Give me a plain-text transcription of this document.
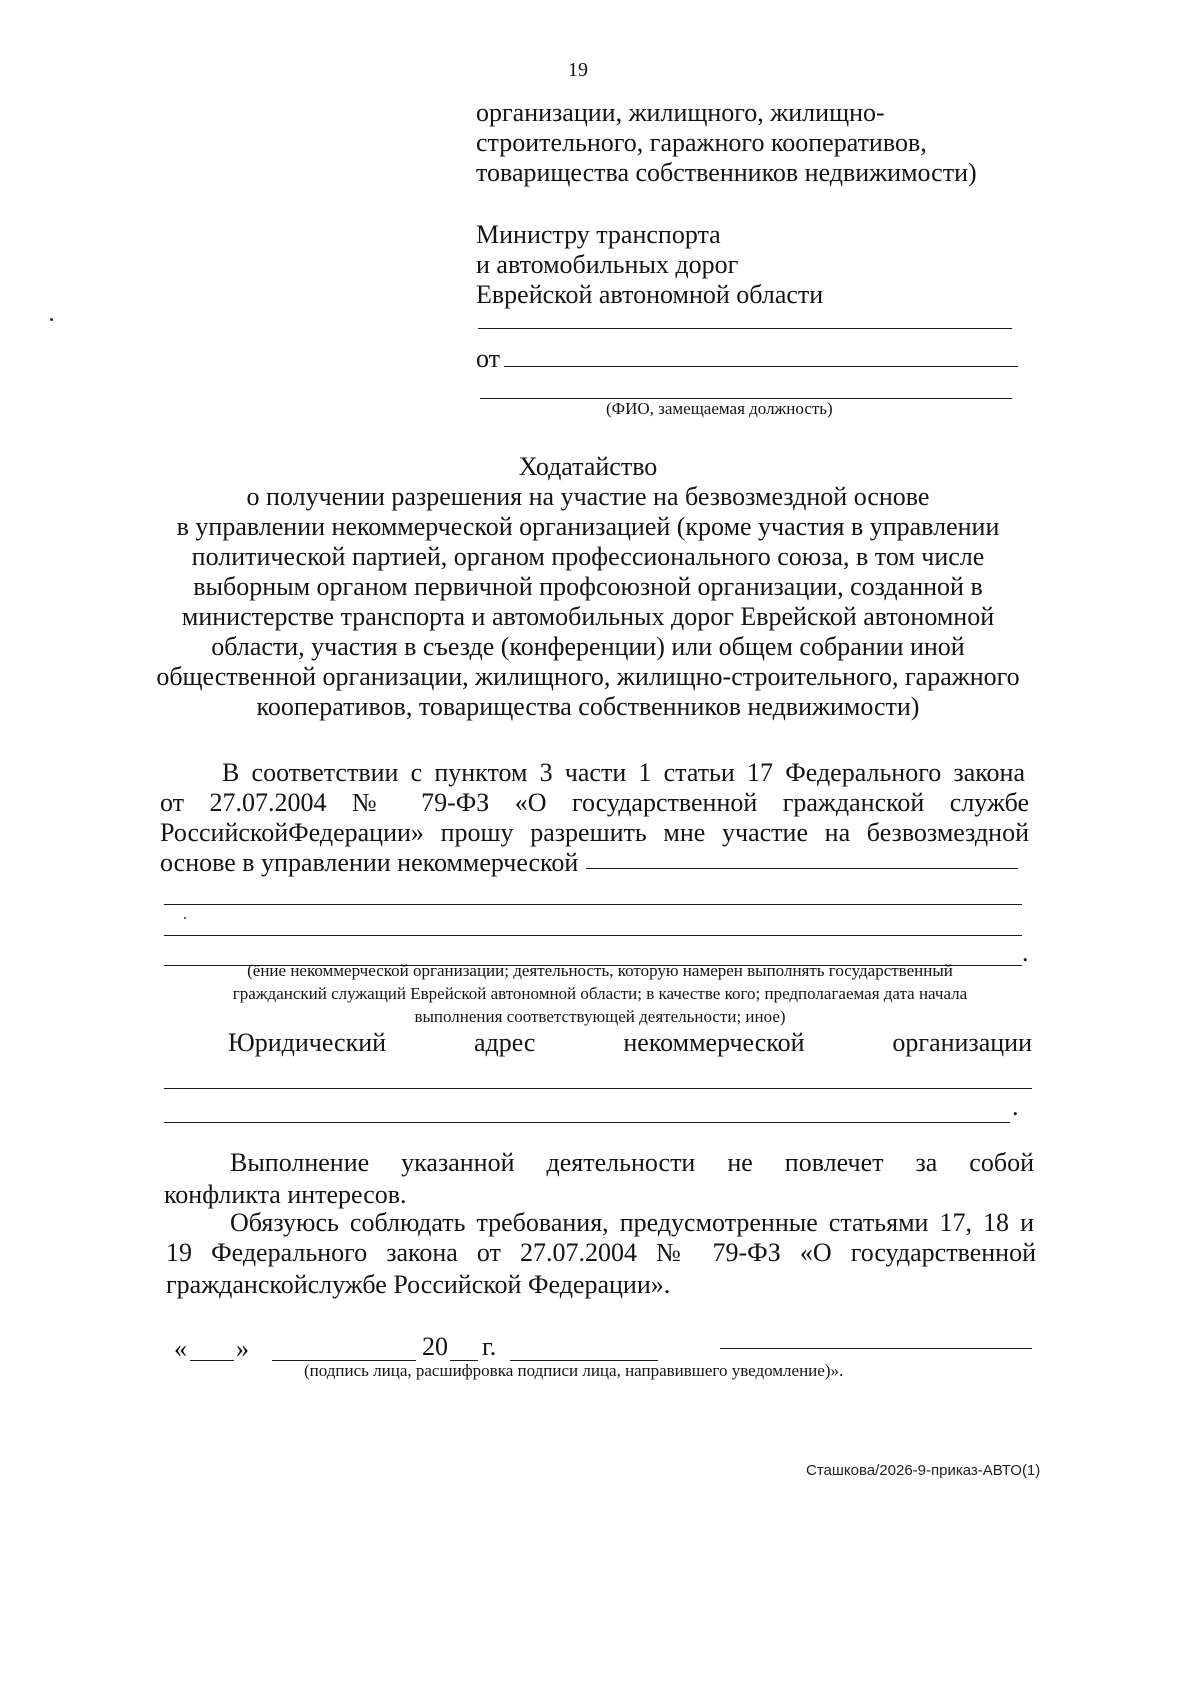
19
организации, жилищного, жилищно-
строительного, гаражного кооперативов,
товарищества собственников недвижимости)
Министру транспорта
и автомобильных дорог
Еврейской автономной области
от
(ФИО, замещаемая должность)
Ходатайство
о получении разрешения на участие на безвозмездной основе
в управлении некоммерческой организацией (кроме участия в управлении
политической партией, органом профессионального союза, в том числе
выборным органом первичной профсоюзной организации, созданной в
министерстве транспорта и автомобильных дорог Еврейской автономной
области, участия в съезде (конференции) или общем собрании иной
общественной организации, жилищного, жилищно-строительного, гаражного
кооперативов, товарищества собственников недвижимости)
В соответствии с пунктом 3 части 1 статьи 17 Федерального закона
от 27.07.2004 № 79-ФЗ «О государственной гражданской службе
РоссийскойФедерации» прошу разрешить мне участие на безвозмездной
основе в управлении некоммерческой
.
(ёние некоммерческой организации; деятельность, которую намерен выполнять государственный
гражданский служащий Еврейской автономной области; в качестве кого; предполагаемая дата начала
выполнения соответствующей деятельности; иное)
Юридический адрес некоммерческой организации
.
Выполнение указанной деятельности не повлечет за собой
конфликта интересов.
Обязуюсь соблюдать требования, предусмотренные статьями 17, 18 и
19 Федерального закона от 27.07.2004 № 79-ФЗ «О государственной
гражданскойслужбе Российской Федерации».
« »	20 г.
(подпись лица, расшифровка подписи лица, направившего уведомление)».
Сташкова/2026-9-приказ-АВТО(1)
